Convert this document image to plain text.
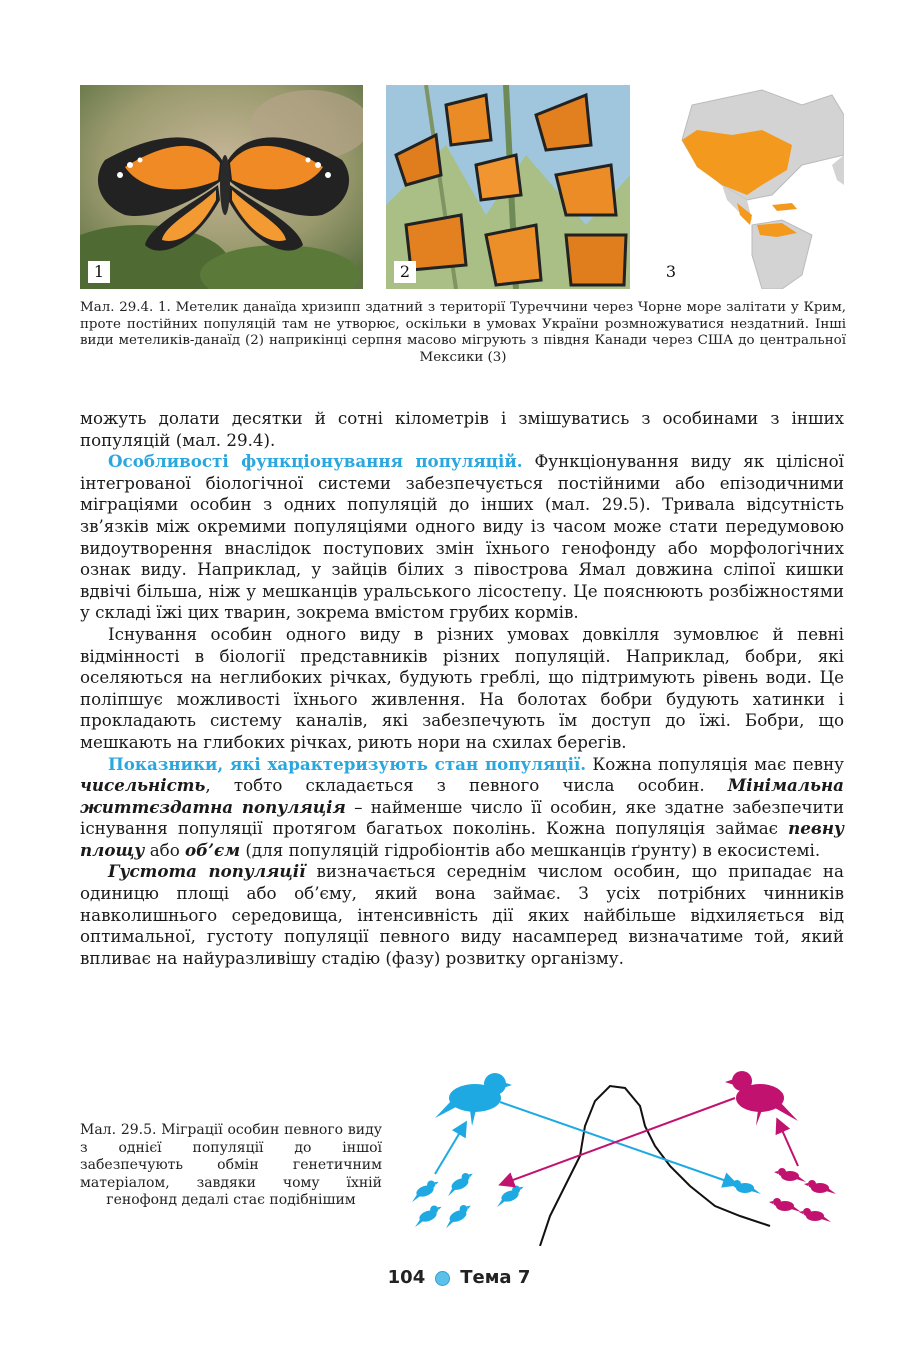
1	2	3
Мал. 29.4. 1. Метелик данаїда хризипп здатний з території Туреччини через Чорне море залітати у Крим, проте постійних популяцій там не утворює, оскільки в умовах України розмножуватися нездатний. Інші види метеликів-данаїд (2) наприкінці серпня масово мігрують з півдня Канади через США до центральної Мексики (3)

можуть долати десятки й сотні кілометрів і змішуватись з особинами з інших популяцій (мал. 29.4).

Особливості функціонування популяцій. Функціонування виду як цілісної інтегрованої біологічної системи забезпечується постійними або епізодичними міграціями особин з одних популяцій до інших (мал. 29.5). Тривала відсутність зв’язків між окремими популяціями одного виду із часом може стати передумовою видоутворення внаслідок поступових змін їхнього генофонду або морфологічних ознак виду. Наприклад, у зайців білих з півострова Ямал довжина сліпої кишки вдвічі більша, ніж у мешканців уральського лісостепу. Це пояснюють розбіжностями у складі їжі цих тварин, зокрема вмістом грубих кормів.

Існування особин одного виду в різних умовах довкілля зумовлює й певні відмінності в біології представників різних популяцій. Наприклад, бобри, які оселяються на неглибоких річках, будують греблі, що підтримують рівень води. Це поліпшує можливості їхнього живлення. На болотах бобри будують хатинки і прокладають систему каналів, які забезпечують їм доступ до їжі. Бобри, що мешкають на глибоких річках, риють нори на схилах берегів.

Показники, які характеризують стан популяції. Кожна популяція має певну чисельність, тобто складається з певного числа особин. Мінімальна життєздатна популяція – найменше число її особин, яке здатне забезпечити існування популяції протягом багатьох поколінь. Кожна популяція займає певну площу або об’єм (для популяцій гідробіонтів або мешканців ґрунту) в екосистемі.

Густота популяції визначається середнім числом особин, що припадає на одиницю площі або об’єму, який вона займає. З усіх потрібних чинників навколишнього середовища, інтенсивність дії яких найбільше відхиляється від оптимальної, густоту популяції певного виду насамперед визначатиме той, який впливає на найуразливішу стадію (фазу) розвитку організму.

Мал. 29.5. Міграції особин певного виду з однієї популяції до іншої забезпечують обмін генетичним матеріалом, завдяки чому їхній генофонд дедалі стає подібнішим
104 Тема 7
